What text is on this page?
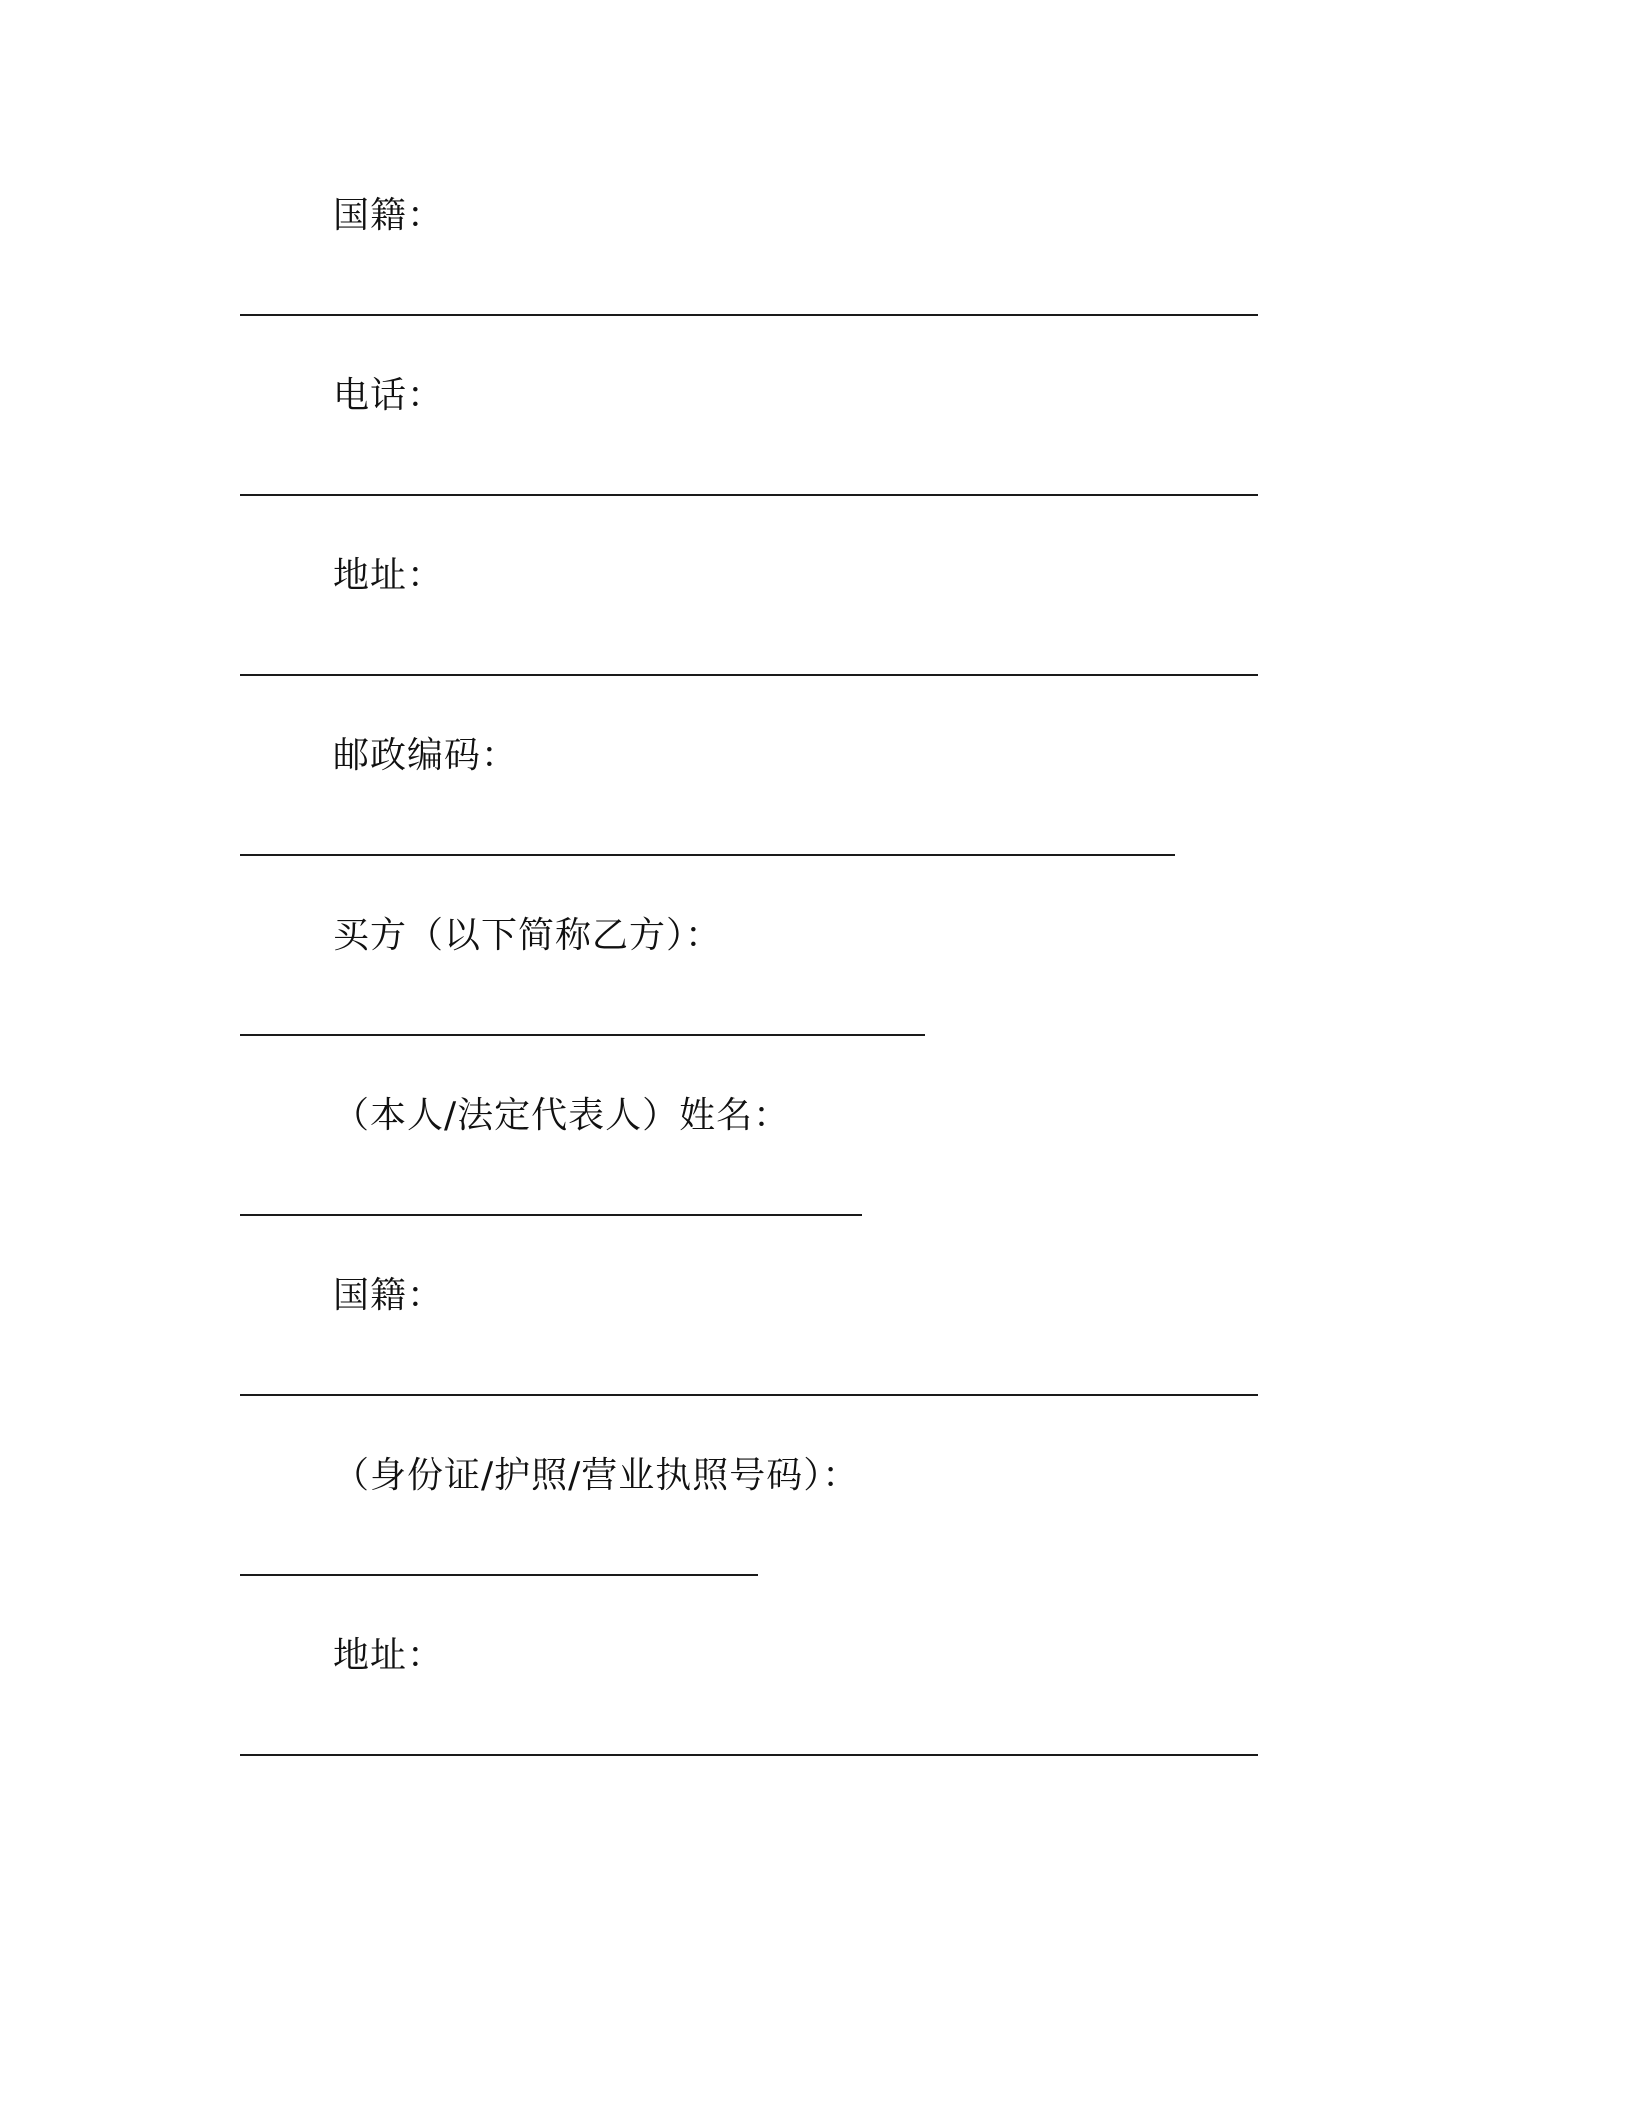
国籍：
电话：
地址：
邮政编码：
买方（以下简称乙方）：
（本人/法定代表人）姓名：
国籍：
（身份证/护照/营业执照号码）：
地址：
